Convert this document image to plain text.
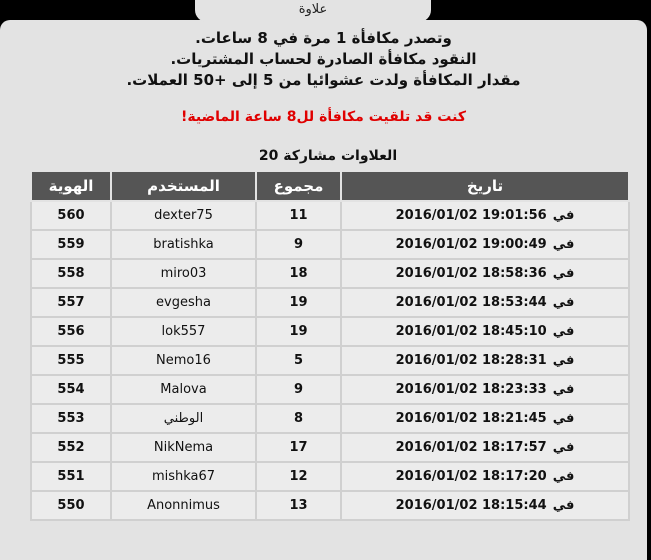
وتصدر مكافأة 1 مرة في 8 ساعات.
النقود مكافأة الصادرة لحساب المشتريات.
مقدار المكافأة ولدت عشوائيا من 5 إلى +50 العملات.
كنت قد تلقيت مكافأة لل8 ساعة الماضية!
العلاوات مشاركة 20
الهوية	المستخدم	مجموع	تاريخ
560	dexter75	11	في2016/01/02 19:01:56
559	bratishka	9	في2016/01/02 19:00:49
558	miro03	18	في2016/01/02 18:58:36
557	evgesha	19	في2016/01/02 18:53:44
556	lok557	19	في2016/01/02 18:45:10
555	Nemo16	5	في2016/01/02 18:28:31
554	Malova	9	في2016/01/02 18:23:33
553	الوطني	8	في2016/01/02 18:21:45
552	NikNema	17	في2016/01/02 18:17:57
551	mishka67	12	في2016/01/02 18:17:20
550	Anonnimus	13	في2016/01/02 18:15:44
علاوة
